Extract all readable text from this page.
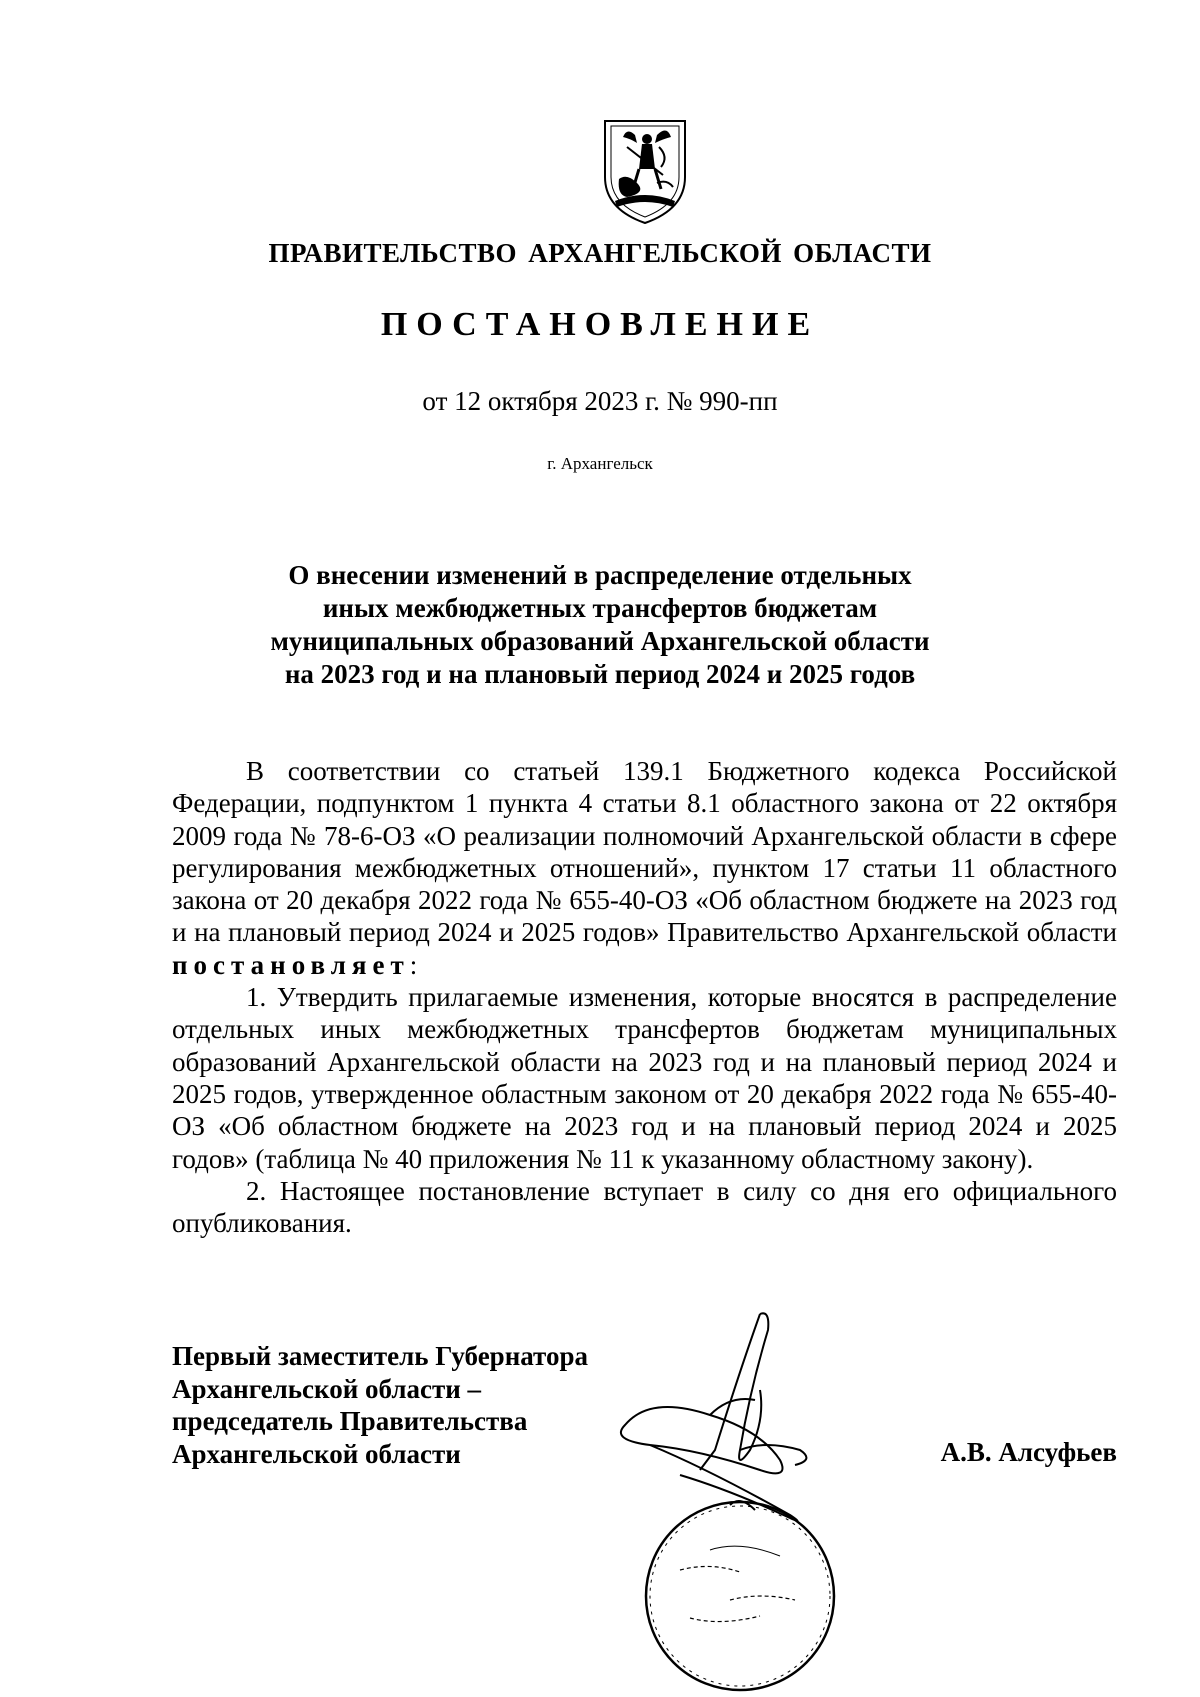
ПРАВИТЕЛЬСТВО АРХАНГЕЛЬСКОЙ ОБЛАСТИ
ПОСТАНОВЛЕНИЕ
от 12 октября 2023 г. № 990-пп
г. Архангельск
О внесении изменений в распределение отдельных
иных межбюджетных трансфертов бюджетам
муниципальных образований Архангельской области
на 2023 год и на плановый период 2024 и 2025 годов

В соответствии со статьей 139.1 Бюджетного кодекса Российской Федерации, подпунктом 1 пункта 4 статьи 8.1 областного закона от 22 октября 2009 года № 78-6-ОЗ «О реализации полномочий Архангельской области в сфере регулирования межбюджетных отношений», пунктом 17 статьи 11 областного закона от 20 декабря 2022 года № 655-40-ОЗ «Об областном бюджете на 2023 год и на плановый период 2024 и 2025 годов» Правительство Архангельской области постановляет:

1. Утвердить прилагаемые изменения, которые вносятся в распределение отдельных иных межбюджетных трансфертов бюджетам муниципальных образований Архангельской области на 2023 год и на плановый период 2024 и 2025 годов, утвержденное областным законом от 20 декабря 2022 года № 655-40-ОЗ «Об областном бюджете на 2023 год и на плановый период 2024 и 2025 годов» (таблица № 40 приложения № 11 к указанному областному закону).

2. Настоящее постановление вступает в силу со дня его официального опубликования.

Первый заместитель Губернатора
Архангельской области –
председатель Правительства
Архангельской области	А.В. Алсуфьев
